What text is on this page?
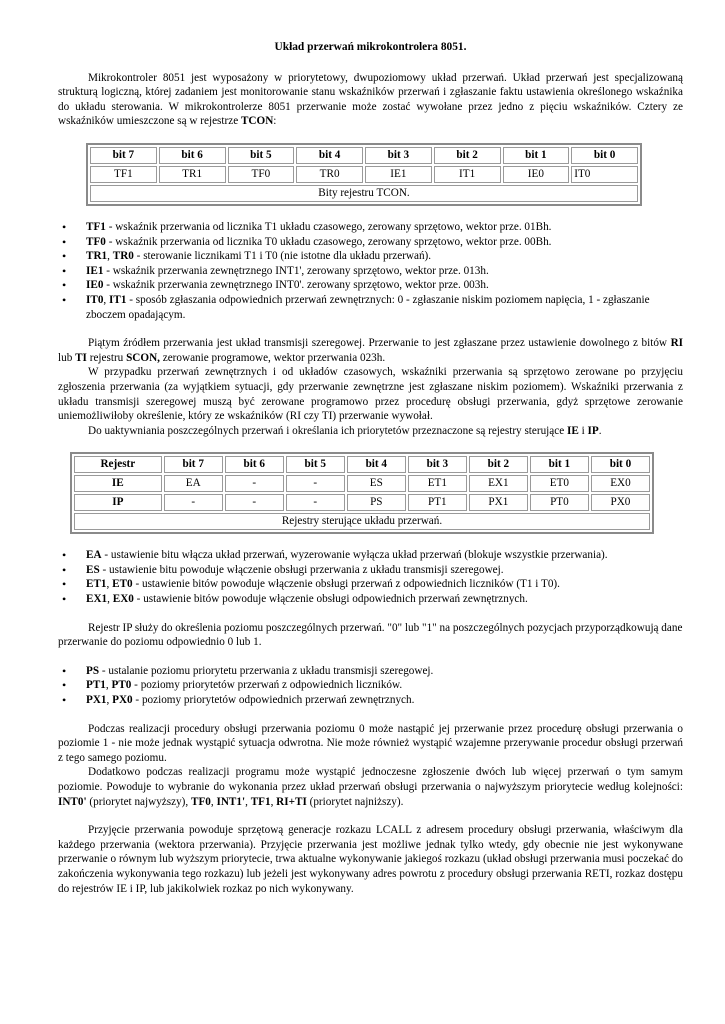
Układ przerwań mikrokontrolera 8051.

Mikrokontroler 8051 jest wyposażony w priorytetowy, dwupoziomowy układ przerwań. Układ przerwań jest specjalizowaną strukturą logiczną, której zadaniem jest monitorowanie stanu wskaźników przerwań i zgłaszanie faktu ustawienia określonego wskaźnika do układu sterowania. W mikrokontrolerze 8051 przerwanie może zostać wywołane przez jedno z pięciu wskaźników. Cztery ze wskaźników umieszczone są w rejestrze TCON:

bit 7	bit 6	bit 5	bit 4	bit 3	bit 2	bit 1	bit 0
TF1	TR1	TF0	TR0	IE1	IT1	IE0	IT0
Bity rejestru TCON.							
• TF1 - wskaźnik przerwania od licznika T1 układu czasowego, zerowany sprzętowo, wektor prze. 01Bh.
• TF0 - wskaźnik przerwania od licznika T0 układu czasowego, zerowany sprzętowo, wektor prze. 00Bh.
• TR1, TR0 - sterowanie licznikami T1 i T0 (nie istotne dla układu przerwań).
• IE1 - wskaźnik przerwania zewnętrznego INT1', zerowany sprzętowo, wektor prze. 013h.
• IE0 - wskaźnik przerwania zewnętrznego INT0'. zerowany sprzętowo, wektor prze. 003h.
• IT0, IT1 - sposób zgłaszania odpowiednich przerwań zewnętrznych: 0 - zgłaszanie niskim poziomem napięcia, 1 - zgłaszanie zboczem opadającym.

Piątym źródłem przerwania jest układ transmisji szeregowej. Przerwanie to jest zgłaszane przez ustawienie dowolnego z bitów RI lub TI rejestru SCON, zerowanie programowe, wektor przerwania 023h.

W przypadku przerwań zewnętrznych i od układów czasowych, wskaźniki przerwania są sprzętowo zerowane po przyjęciu zgłoszenia przerwania (za wyjątkiem sytuacji, gdy przerwanie zewnętrzne jest zgłaszane niskim poziomem). Wskaźniki przerwania z układu transmisji szeregowej muszą być zerowane programowo przez procedurę obsługi przerwania, gdyż sprzętowe zerowanie uniemożliwiłoby określenie, który ze wskaźników (RI czy TI) przerwanie wywołał.

Do uaktywniania poszczególnych przerwań i określania ich priorytetów przeznaczone są rejestry sterujące IE i IP.

Rejestr	bit 7	bit 6	bit 5	bit 4	bit 3	bit 2	bit 1	bit 0
IE	EA	-	-	ES	ET1	EX1	ET0	EX0
IP	-	-	-	PS	PT1	PX1	PT0	PX0
Rejestry sterujące układu przerwań.								
• EA - ustawienie bitu włącza układ przerwań, wyzerowanie wyłącza układ przerwań (blokuje wszystkie przerwania).
• ES - ustawienie bitu powoduje włączenie obsługi przerwania z układu transmisji szeregowej.
• ET1, ET0 - ustawienie bitów powoduje włączenie obsługi przerwań z odpowiednich liczników (T1 i T0).
• EX1, EX0 - ustawienie bitów powoduje włączenie obsługi odpowiednich przerwań zewnętrznych.

Rejestr IP służy do określenia poziomu poszczególnych przerwań. "0" lub "1" na poszczególnych pozycjach przyporządkowują dane przerwanie do poziomu odpowiednio 0 lub 1.

• PS - ustalanie poziomu priorytetu przerwania z układu transmisji szeregowej.
• PT1, PT0 - poziomy priorytetów przerwań z odpowiednich liczników.
• PX1, PX0 - poziomy priorytetów odpowiednich przerwań zewnętrznych.

Podczas realizacji procedury obsługi przerwania poziomu 0 może nastąpić jej przerwanie przez procedurę obsługi przerwania o poziomie 1 - nie może jednak wystąpić sytuacja odwrotna. Nie może również wystąpić wzajemne przerywanie procedur obsługi przerwań z tego samego poziomu.

Dodatkowo podczas realizacji programu może wystąpić jednoczesne zgłoszenie dwóch lub więcej przerwań o tym samym poziomie. Powoduje to wybranie do wykonania przez układ przerwań obsługi przerwania o najwyższym priorytecie według kolejności: INT0' (priorytet najwyższy), TF0, INT1', TF1, RI+TI (priorytet najniższy).

Przyjęcie przerwania powoduje sprzętową generacje rozkazu LCALL z adresem procedury obsługi przerwania, właściwym dla każdego przerwania (wektora przerwania). Przyjęcie przerwania jest możliwe jednak tylko wtedy, gdy obecnie nie jest wykonywane przerwanie o równym lub wyższym priorytecie, trwa aktualne wykonywanie jakiegoś rozkazu (układ obsługi przerwania musi poczekać do zakończenia wykonywania tego rozkazu) lub jeżeli jest wykonywany adres powrotu z procedury obsługi przerwania RETI, rozkaz dostępu do rejestrów IE i IP, lub jakikolwiek rozkaz po nich wykonywany.
